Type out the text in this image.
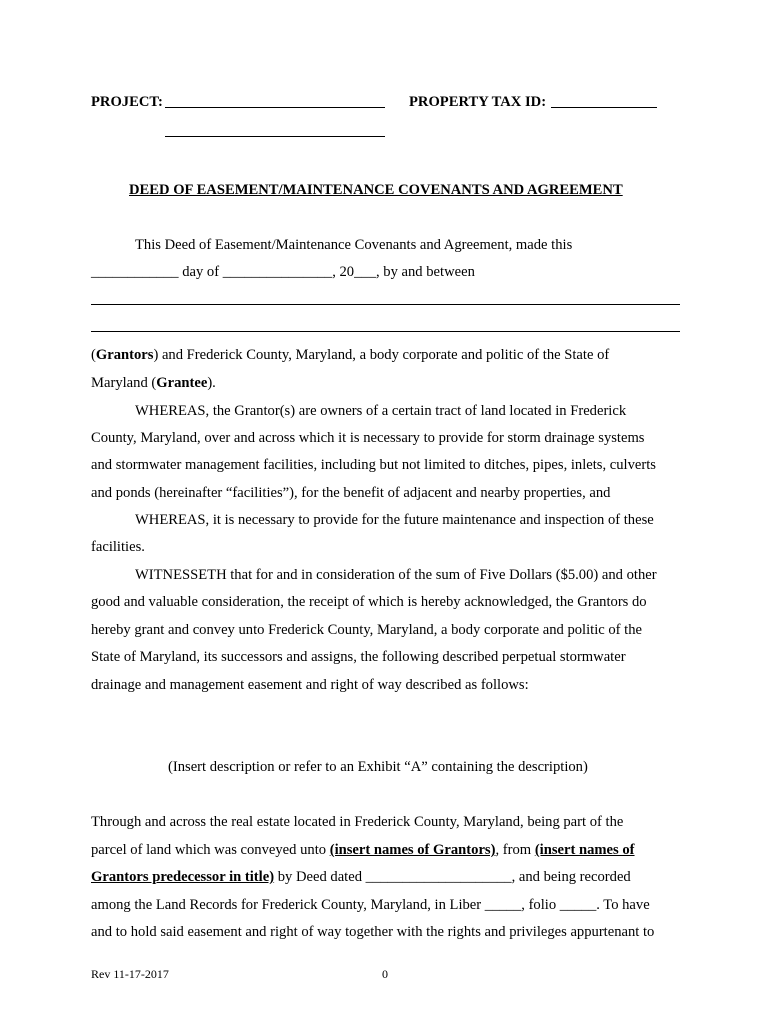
PROJECT:	PROPERTY TAX ID:
DEED OF EASEMENT/MAINTENANCE COVENANTS AND AGREEMENT
This Deed of Easement/Maintenance Covenants and Agreement, made this
____________ day of _______________, 20___, by and between
(Grantors) and Frederick County, Maryland, a body corporate and politic of the State of
Maryland (Grantee).
WHEREAS, the Grantor(s) are owners of a certain tract of land located in Frederick
County, Maryland, over and across which it is necessary to provide for storm drainage systems
and stormwater management facilities, including but not limited to ditches, pipes, inlets, culverts
and ponds (hereinafter “facilities”), for the benefit of adjacent and nearby properties, and
WHEREAS, it is necessary to provide for the future maintenance and inspection of these
facilities.
WITNESSETH that for and in consideration of the sum of Five Dollars ($5.00) and other
good and valuable consideration, the receipt of which is hereby acknowledged, the Grantors do
hereby grant and convey unto Frederick County, Maryland, a body corporate and politic of the
State of Maryland, its successors and assigns, the following described perpetual stormwater
drainage and management easement and right of way described as follows:
(Insert description or refer to an Exhibit “A” containing the description)
Through and across the real estate located in Frederick County, Maryland, being part of the
parcel of land which was conveyed unto (insert names of Grantors), from (insert names of
Grantors predecessor in title) by Deed dated ____________________, and being recorded
among the Land Records for Frederick County, Maryland, in Liber _____, folio _____. To have
and to hold said easement and right of way together with the rights and privileges appurtenant to
Rev 11-17-2017	0
